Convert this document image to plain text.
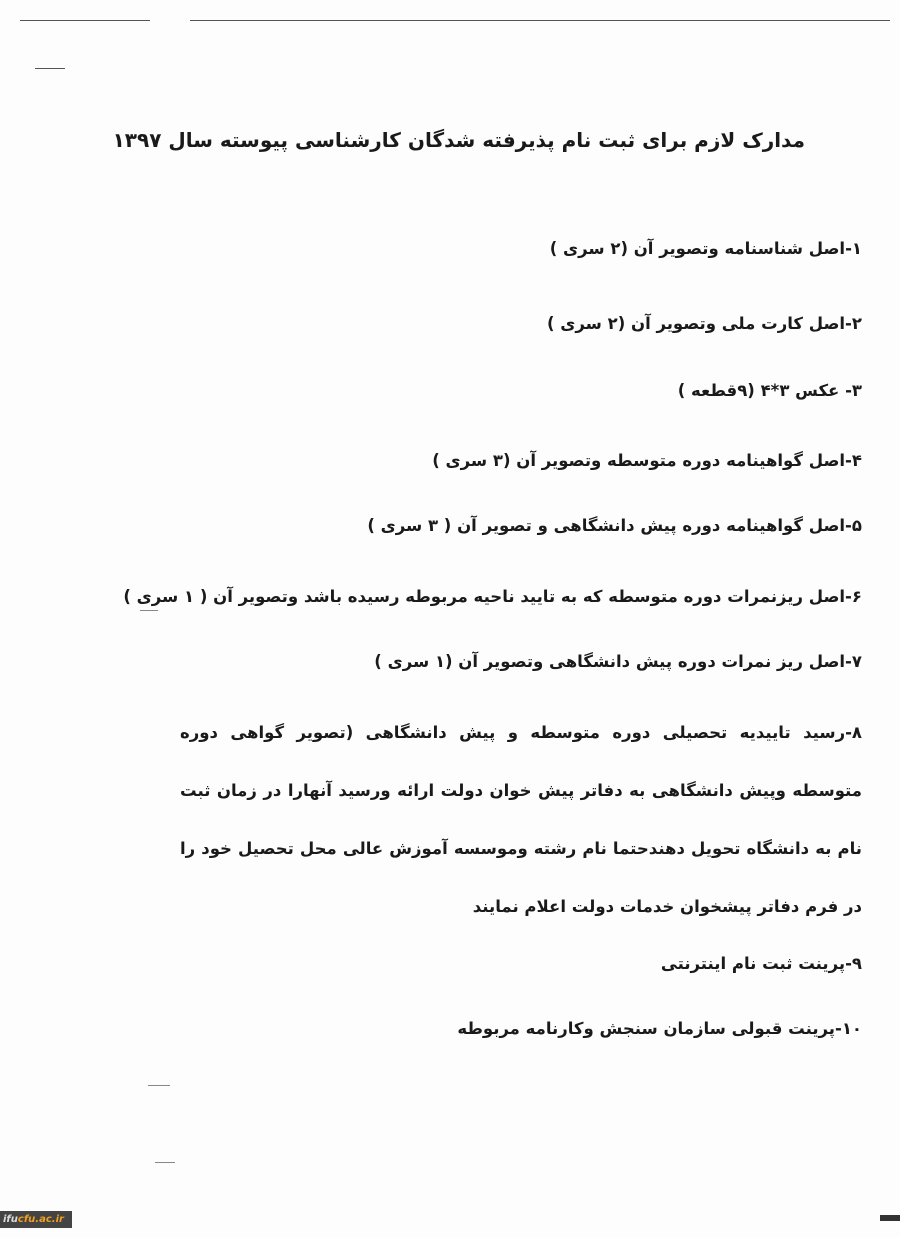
مدارک لازم برای ثبت نام پذیرفته شدگان کارشناسی پیوسته سال ۱۳۹۷
۱-اصل شناسنامه وتصویر آن (۲ سری )
۲-اصل کارت ملی وتصویر آن (۲ سری )
۳- عکس ۳*۴ (۹قطعه )
۴-اصل گواهینامه دوره متوسطه وتصویر آن (۳ سری )
۵-اصل گواهینامه دوره پیش دانشگاهی و تصویر آن ( ۳ سری )
۶-اصل ریزنمرات دوره متوسطه که به تایید ناحیه مربوطه رسیده باشد وتصویر آن ( ۱ سری )
۷-اصل ریز نمرات دوره پیش دانشگاهی وتصویر آن (۱ سری )
۸-رسید تاییدیه تحصیلی دوره متوسطه و پیش دانشگاهی (تصویر گواهی دوره متوسطه وپیش دانشگاهی به دفاتر پیش خوان دولت ارائه ورسید آنهارا در زمان ثبت نام به دانشگاه تحویل دهندحتما نام رشته وموسسه آموزش عالی محل تحصیل خود را در فرم دفاتر پیشخوان خدمات دولت اعلام نمایند
۹-پرینت ثبت نام اینترنتی
۱۰-پرینت قبولی سازمان سنجش وکارنامه مربوطه
ifucfu.ac.ir
